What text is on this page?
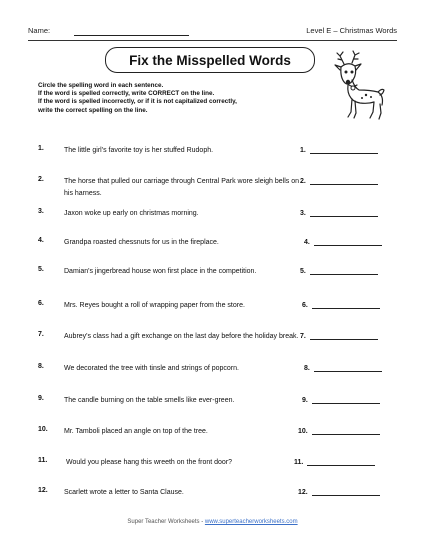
Name:	Level E – Christmas Words
Fix the Misspelled Words
Circle the spelling word in each sentence.
If the word is spelled correctly, write CORRECT on the line.
If the word is spelled incorrectly, or if it is not capitalized correctly,
write the correct spelling on the line.
1.	The little girl's favorite toy is her stuffed Rudoph.	1.
2.	The horse that pulled our carriage through Central Park wore sleigh bells on his harness.
2.
3.	Jaxon woke up early on christmas morning.	3.
4.	Grandpa roasted chessnuts for us in the fireplace.	4.
5.	Damian's jingerbread house won first place in the competition.	5.
6.	Mrs. Reyes bought a roll of wrapping paper from the store.	6.
7.	Aubrey's class had a gift exchange on the last day before the holiday break. 7.
8.	We decorated the tree with tinsle and strings of popcorn.	8.
9.	The candle burning on the table smells like ever-green.	9.
10. Mr. Tamboli placed an angle on top of the tree.	10.
11.	Would you please hang this wreeth on the front door?	11.
12. Scarlett wrote a letter to Santa Clause.	12.
Super Teacher Worksheets - www.superteacherworksheets.com
